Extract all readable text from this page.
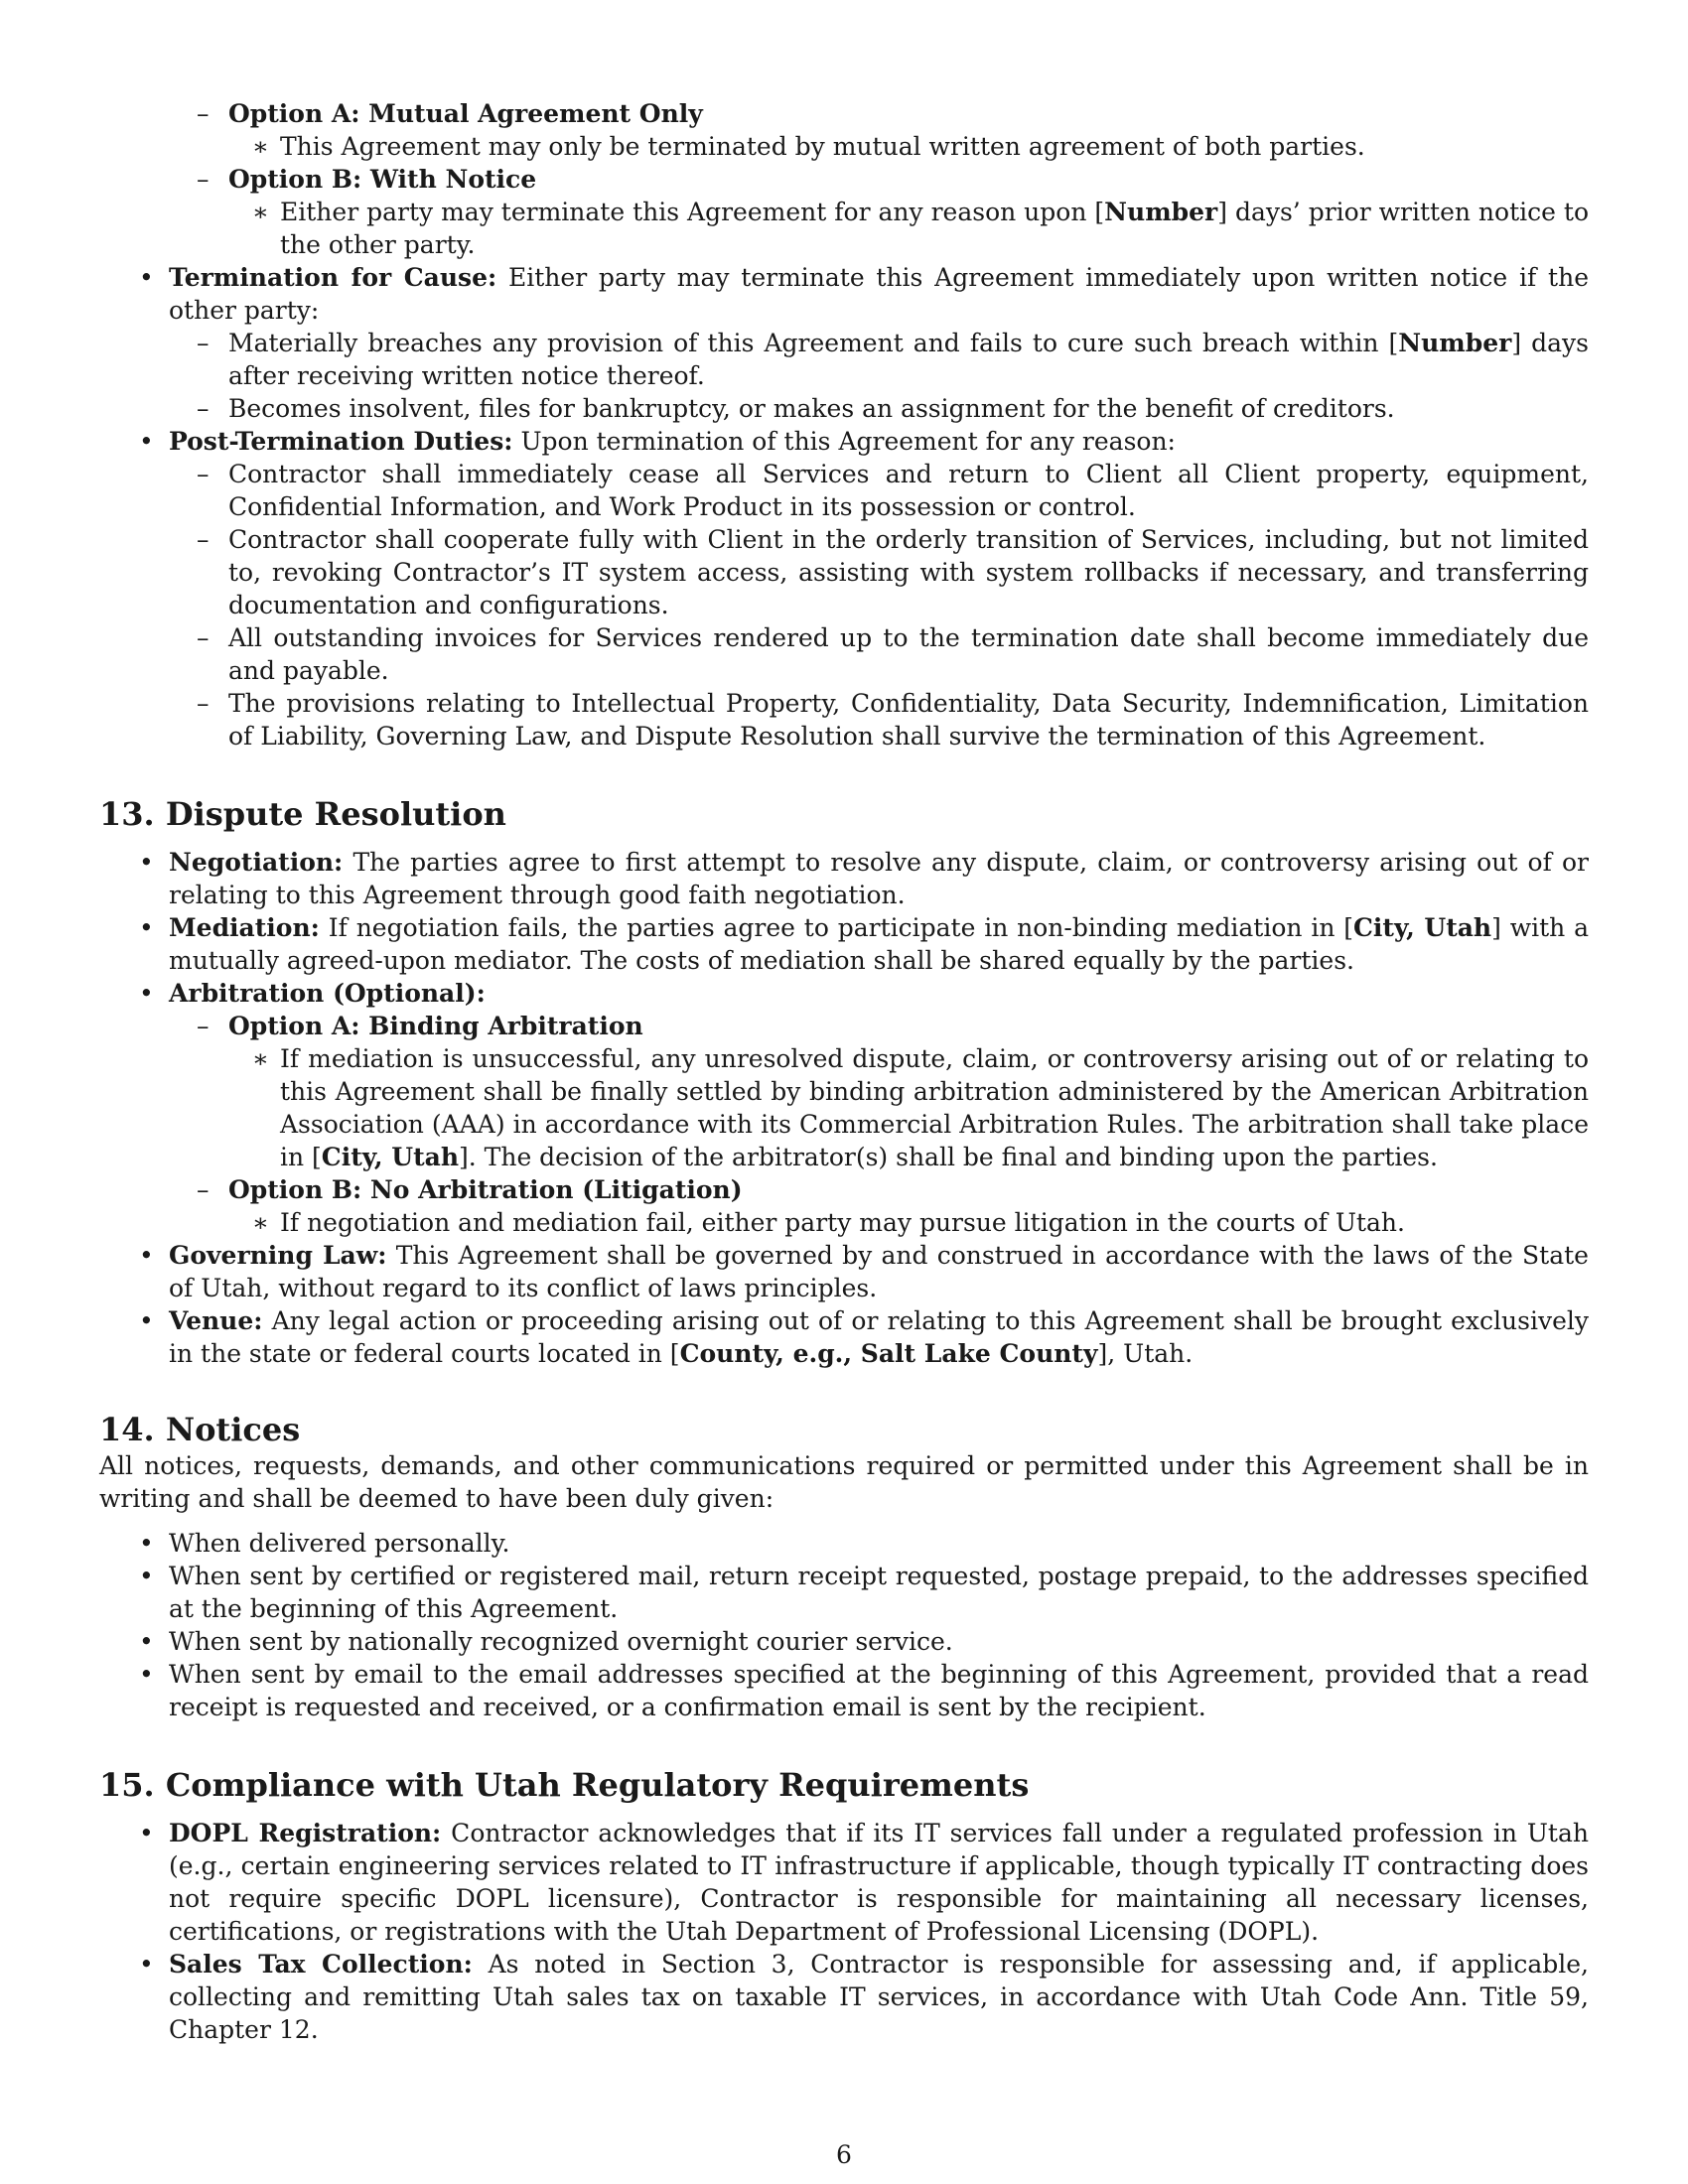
– Option A: Mutual Agreement Only
∗ This Agreement may only be terminated by mutual written agreement of both parties.
– Option B: With Notice
∗ Either party may terminate this Agreement for any reason upon [Number] days’ prior written notice to the other party.
• Termination for Cause: Either party may terminate this Agreement immediately upon written notice if the other party:
– Materially breaches any provision of this Agreement and fails to cure such breach within [Number] days after receiving written notice thereof.
– Becomes insolvent, files for bankruptcy, or makes an assignment for the benefit of creditors.
• Post-Termination Duties: Upon termination of this Agreement for any reason:
– Contractor shall immediately cease all Services and return to Client all Client property, equipment, Confidential Information, and Work Product in its possession or control.
– Contractor shall cooperate fully with Client in the orderly transition of Services, including, but not limited to, revoking Contractor’s IT system access, assisting with system rollbacks if necessary, and transferring documentation and configurations.
– All outstanding invoices for Services rendered up to the termination date shall become immediately due and payable.
– The provisions relating to Intellectual Property, Confidentiality, Data Security, Indemnification, Limitation of Liability, Governing Law, and Dispute Resolution shall survive the termination of this Agreement.
13. Dispute Resolution
• Negotiation: The parties agree to first attempt to resolve any dispute, claim, or controversy arising out of or relating to this Agreement through good faith negotiation.
• Mediation: If negotiation fails, the parties agree to participate in non-binding mediation in [City, Utah] with a mutually agreed-upon mediator. The costs of mediation shall be shared equally by the parties.
• Arbitration (Optional):
– Option A: Binding Arbitration
∗ If mediation is unsuccessful, any unresolved dispute, claim, or controversy arising out of or relating to this Agreement shall be finally settled by binding arbitration administered by the American Arbitration Association (AAA) in accordance with its Commercial Arbitration Rules. The arbitration shall take place in [City, Utah]. The decision of the arbitrator(s) shall be final and binding upon the parties.
– Option B: No Arbitration (Litigation)
∗ If negotiation and mediation fail, either party may pursue litigation in the courts of Utah.
• Governing Law: This Agreement shall be governed by and construed in accordance with the laws of the State of Utah, without regard to its conflict of laws principles.
• Venue: Any legal action or proceeding arising out of or relating to this Agreement shall be brought exclusively in the state or federal courts located in [County, e.g., Salt Lake County], Utah.
14. Notices

All notices, requests, demands, and other communications required or permitted under this Agreement shall be in writing and shall be deemed to have been duly given:

• When delivered personally.
• When sent by certified or registered mail, return receipt requested, postage prepaid, to the addresses specified at the beginning of this Agreement.
• When sent by nationally recognized overnight courier service.
• When sent by email to the email addresses specified at the beginning of this Agreement, provided that a read receipt is requested and received, or a confirmation email is sent by the recipient.
15. Compliance with Utah Regulatory Requirements
• DOPL Registration: Contractor acknowledges that if its IT services fall under a regulated profession in Utah (e.g., certain engineering services related to IT infrastructure if applicable, though typically IT contracting does not require specific DOPL licensure), Contractor is responsible for maintaining all necessary licenses, certifications, or registrations with the Utah Department of Professional Licensing (DOPL).
• Sales Tax Collection: As noted in Section 3, Contractor is responsible for assessing and, if applicable, collecting and remitting Utah sales tax on taxable IT services, in accordance with Utah Code Ann. Title 59, Chapter 12.
6
